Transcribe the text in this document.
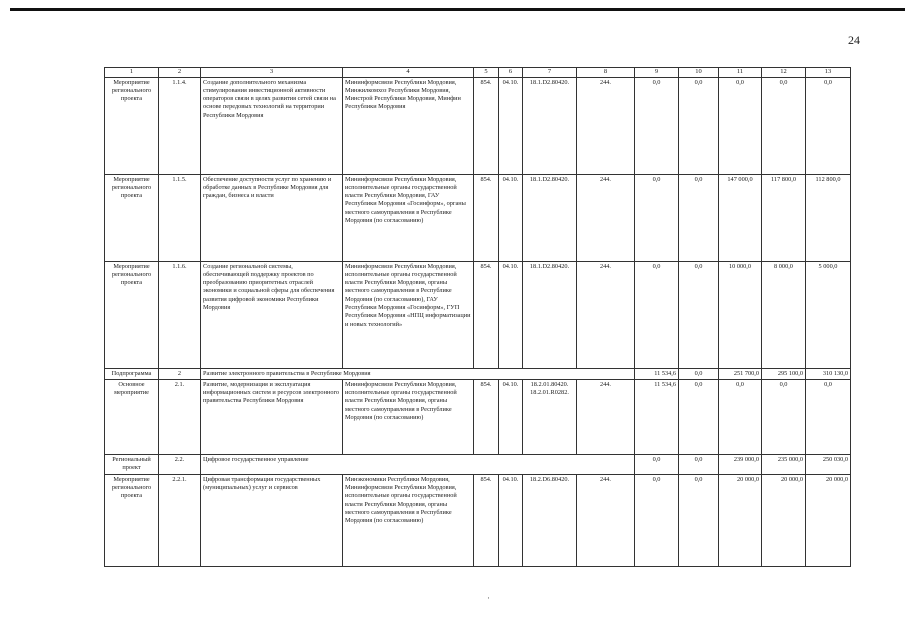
24
1	2	3	4	5	6	7	8	9	10	11	12	13
Мероприятие регионального проекта	1.1.4.	Создание дополнительного механизма стимулирования инвестиционной активности операторов связи в целях развития сетей связи на основе передовых технологий на территории Республики Мордовия	Мининформсвязи Республики Мордовия, Минжилкомхоз Республики Мордовия, Минстрой Республики Мордовия, Минфин Республики Мордовия	854.	04.10.	18.1.D2.80420.	244.	0,0	0,0	0,0	0,0	0,0
Мероприятие регионального проекта	1.1.5.	Обеспечение доступности услуг по хранению и обработке данных в Республике Мордовия для граждан, бизнеса и власти	Мининформсвязи Республики Мордовия, исполнительные органы государственной власти Республики Мордовия, ГАУ Республики Мордовия «Госинформ», органы местного самоуправления в Республике Мордовия (по согласованию)	854.	04.10.	18.1.D2.80420.	244.	0,0	0,0	147 000,0	117 800,0	112 800,0
Мероприятие регионального проекта	1.1.6.	Создание региональной системы, обеспечивающей поддержку проектов по преобразованию приоритетных отраслей экономики и социальной сферы для обеспечения развития цифровой экономики Республики Мордовия	Мининформсвязи Республики Мордовия, исполнительные органы государственной власти Республики Мордовия, органы местного самоуправления в Республике Мордовия (по согласованию), ГАУ Республики Мордовия «Госинформ», ГУП Республики Мордовия «НПЦ информатизации и новых технологий»	854.	04.10.	18.1.D2.80420.	244.	0,0	0,0	10 000,0	8 000,0	5 000,0
Подпрограмма	2	Развитие электронного правительства в Республике Мордовия						11 534,6	0,0	251 700,0	295 100,0	310 130,0
Основное мероприятие	2.1.	Развитие, модернизация и эксплуатация информационных систем и ресурсов электронного правительства Республики Мордовия	Мининформсвязи Республики Мордовия, исполнительные органы государственной власти Республики Мордовия, органы местного самоуправления в Республике Мордовия (по согласованию)	854.	04.10.	18.2.01.80420. 18.2.01.R0282.	244.	11 534,6	0,0	0,0	0,0	0,0
Региональный проект	2.2.	Цифровое государственное управление						0,0	0,0	239 000,0	235 000,0	250 030,0
Мероприятие регионального проекта	2.2.1.	Цифровая трансформация государственных (муниципальных) услуг и сервисов	Минэкономики Республики Мордовия, Мининформсвязи Республики Мордовия, исполнительные органы государственной власти Республики Мордовия, органы местного самоуправления в Республике Мордовия (по согласованию)	854.	04.10.	18.2.D6.80420.	244.	0,0	0,0	20 000,0	20 000,0	20 000,0
·
